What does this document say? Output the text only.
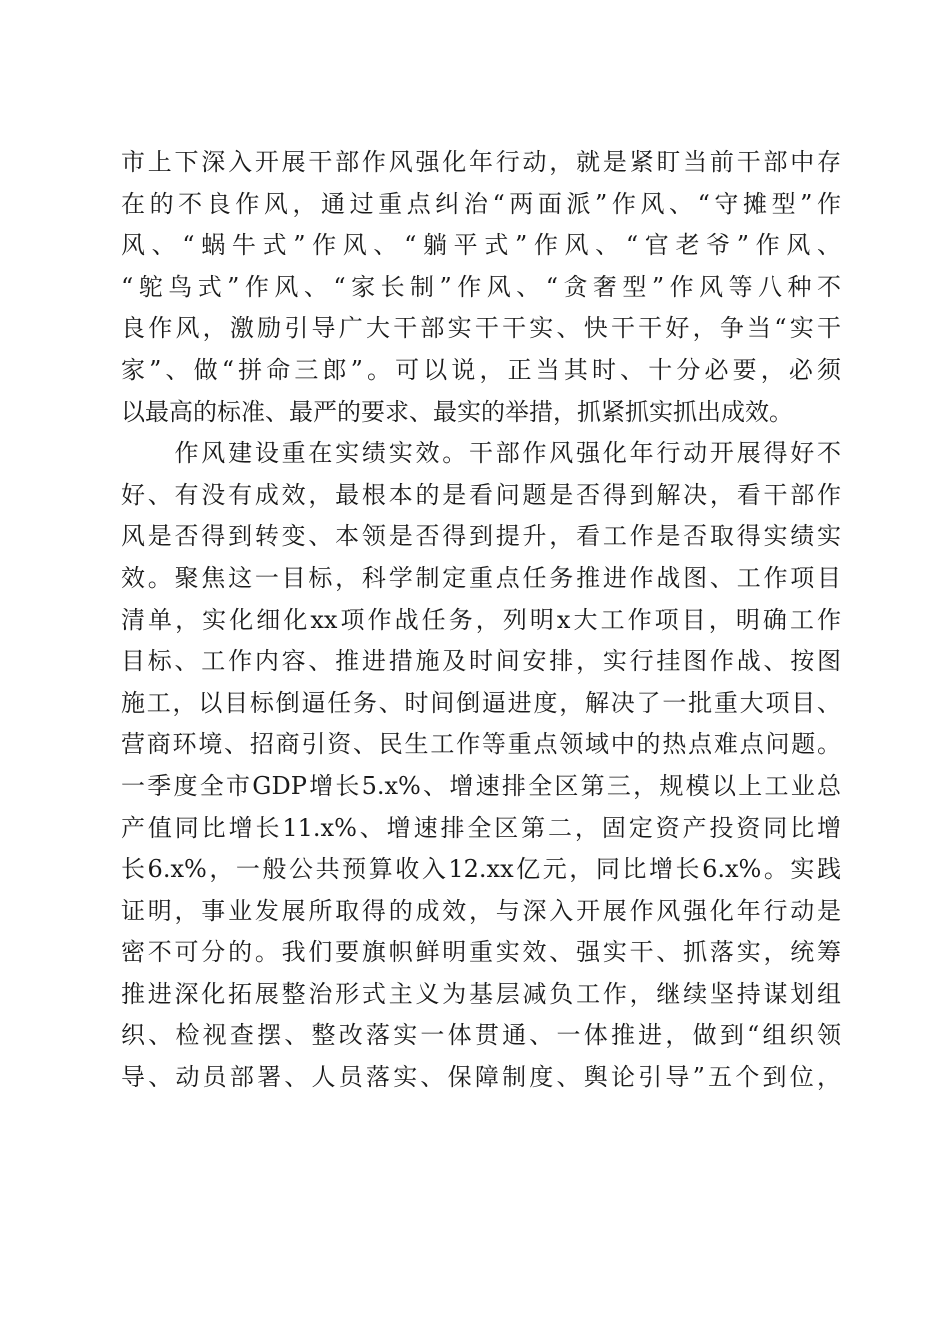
市上下深入开展干部作风强化年行动，就是紧盯当前干部中存
在的不良作风，通过重点纠治“两面派”作风、“守摊型”作
风、“蜗牛式”作风、“躺平式”作风、“官老爷”作风、
“鸵鸟式”作风、“家长制”作风、“贪奢型”作风等八种不
良作风，激励引导广大干部实干干实、快干干好，争当“实干
家”、做“拼命三郎”。可以说，正当其时、十分必要，必须
以最高的标准、最严的要求、最实的举措，抓紧抓实抓出成效。
　　作风建设重在实绩实效。干部作风强化年行动开展得好不
好、有没有成效，最根本的是看问题是否得到解决，看干部作
风是否得到转变、本领是否得到提升，看工作是否取得实绩实
效。聚焦这一目标，科学制定重点任务推进作战图、工作项目
清单，实化细化xx项作战任务，列明x大工作项目，明确工作
目标、工作内容、推进措施及时间安排，实行挂图作战、按图
施工，以目标倒逼任务、时间倒逼进度，解决了一批重大项目、
营商环境、招商引资、民生工作等重点领域中的热点难点问题。
一季度全市GDP增长5.x%、增速排全区第三，规模以上工业总
产值同比增长11.x%、增速排全区第二，固定资产投资同比增
长6.x%，一般公共预算收入12.xx亿元，同比增长6.x%。实践
证明，事业发展所取得的成效，与深入开展作风强化年行动是
密不可分的。我们要旗帜鲜明重实效、强实干、抓落实，统筹
推进深化拓展整治形式主义为基层减负工作，继续坚持谋划组
织、检视查摆、整改落实一体贯通、一体推进，做到“组织领
导、动员部署、人员落实、保障制度、舆论引导”五个到位，
